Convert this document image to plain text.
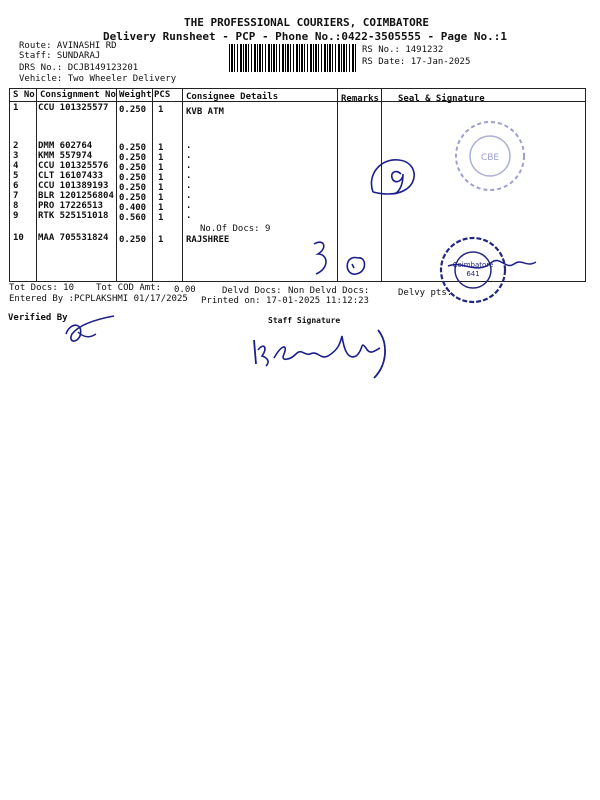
THE PROFESSIONAL COURIERS, COIMBATORE
Delivery Runsheet - PCP - Phone No.:0422-3505555 - Page No.:1
Route: AVINASHI RD
Staff: SUNDARAJ
DRS No.: DCJB149123201
Vehicle: Two Wheeler Delivery
RS No.: 1491232
RS Date: 17-Jan-2025
S No Consignment No Weight PCS Consignee Details	Remarks Seal & Signature
1 CCU 101325577 0.250 1	KVB ATM
2 DMM 602764	0.250 1	.
3 KMM 557974	0.250 1	.
4 CCU 101325576 0.250 1	.
5 CLT 16107433 0.250 1	.
6 CCU 101389193 0.250 1	.
7 BLR 1201256804 0.250 1	.
8 PRO 17226513 0.400 1	.
9 RTK 525151018 0.560 1	.
No.Of Docs: 9
10 MAA 705531824 0.250 1	RAJSHREE
Tot Docs: 10 Tot COD Amt: 0.00	Delvd Docs: Non Delvd Docs:	Delvy pts:
Entered By :PCPLAKSHMI 01/17/2025 Printed on: 17-01-2025 11:12:23
Verified By	Staff Signature
CBE
Coimbatore
641
